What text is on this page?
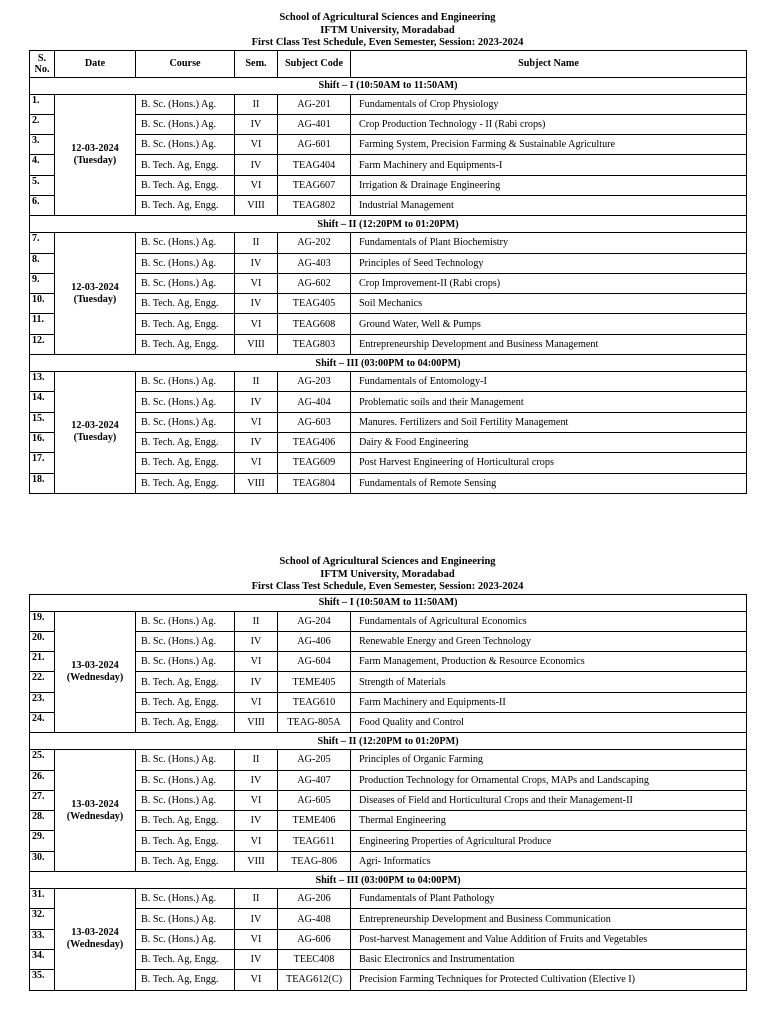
School of Agricultural Sciences and Engineering
IFTM University, Moradabad
First Class Test Schedule, Even Semester, Session: 2023-2024
S. No.	Date	Course	Sem.	Subject Code	Subject Name
Shift – I (10:50AM to 11:50AM)					
1.	12-03-2024 (Tuesday)	B. Sc. (Hons.) Ag.	II	AG-201	Fundamentals of Crop Physiology
2.		B. Sc. (Hons.) Ag.	IV	AG-401	Crop Production Technology - II (Rabi crops)
3.		B. Sc. (Hons.) Ag.	VI	AG-601	Farming System, Precision Farming & Sustainable Agriculture
4.		B. Tech. Ag, Engg.	IV	TEAG404	Farm Machinery and Equipments-I
5.		B. Tech. Ag, Engg.	VI	TEAG607	Irrigation & Drainage Engineering
6.		B. Tech. Ag, Engg.	VIII	TEAG802	Industrial Management
Shift – II (12:20PM to 01:20PM)					
7.	12-03-2024 (Tuesday)	B. Sc. (Hons.) Ag.	II	AG-202	Fundamentals of Plant Biochemistry
8.		B. Sc. (Hons.) Ag.	IV	AG-403	Principles of Seed Technology
9.		B. Sc. (Hons.) Ag.	VI	AG-602	Crop Improvement-II (Rabi crops)
10.		B. Tech. Ag, Engg.	IV	TEAG405	Soil Mechanics
11.		B. Tech. Ag, Engg.	VI	TEAG608	Ground Water, Well & Pumps
12.		B. Tech. Ag, Engg.	VIII	TEAG803	Entrepreneurship Development and Business Management
Shift – III (03:00PM to 04:00PM)					
13.	12-03-2024 (Tuesday)	B. Sc. (Hons.) Ag.	II	AG-203	Fundamentals of Entomology-I
14.		B. Sc. (Hons.) Ag.	IV	AG-404	Problematic soils and their Management
15.		B. Sc. (Hons.) Ag.	VI	AG-603	Manures. Fertilizers and Soil Fertility Management
16.		B. Tech. Ag, Engg.	IV	TEAG406	Dairy & Food Engineering
17.		B. Tech. Ag, Engg.	VI	TEAG609	Post Harvest Engineering of Horticultural crops
18.		B. Tech. Ag, Engg.	VIII	TEAG804	Fundamentals of Remote Sensing
School of Agricultural Sciences and Engineering
IFTM University, Moradabad
First Class Test Schedule, Even Semester, Session: 2023-2024
Shift – I (10:50AM to 11:50AM)					
19.	13-03-2024 (Wednesday)	B. Sc. (Hons.) Ag.	II	AG-204	Fundamentals of Agricultural Economics
20.		B. Sc. (Hons.) Ag.	IV	AG-406	Renewable Energy and Green Technology
21.		B. Sc. (Hons.) Ag.	VI	AG-604	Farm Management, Production & Resource Economics
22.		B. Tech. Ag, Engg.	IV	TEME405	Strength of Materials
23.		B. Tech. Ag, Engg.	VI	TEAG610	Farm Machinery and Equipments-II
24.		B. Tech. Ag, Engg.	VIII	TEAG-805A	Food Quality and Control
Shift – II (12:20PM to 01:20PM)					
25.	13-03-2024 (Wednesday)	B. Sc. (Hons.) Ag.	II	AG-205	Principles of Organic Farming
26.		B. Sc. (Hons.) Ag.	IV	AG-407	Production Technology for Ornamental Crops, MAPs and Landscaping
27.		B. Sc. (Hons.) Ag.	VI	AG-605	Diseases of Field and Horticultural Crops and their Management-II
28.		B. Tech. Ag, Engg.	IV	TEME406	Thermal Engineering
29.		B. Tech. Ag, Engg.	VI	TEAG611	Engineering Properties of Agricultural Produce
30.		B. Tech. Ag, Engg.	VIII	TEAG-806	Agri- Informatics
Shift – III (03:00PM to 04:00PM)					
31.	13-03-2024 (Wednesday)	B. Sc. (Hons.) Ag.	II	AG-206	Fundamentals of Plant Pathology
32.		B. Sc. (Hons.) Ag.	IV	AG-408	Entrepreneurship Development and Business Communication
33.		B. Sc. (Hons.) Ag.	VI	AG-606	Post-harvest Management and Value Addition of Fruits and Vegetables
34.		B. Tech. Ag, Engg.	IV	TEEC408	Basic Electronics and Instrumentation
35.		B. Tech. Ag, Engg.	VI	TEAG612(C)	Precision Farming Techniques for Protected Cultivation (Elective I)
